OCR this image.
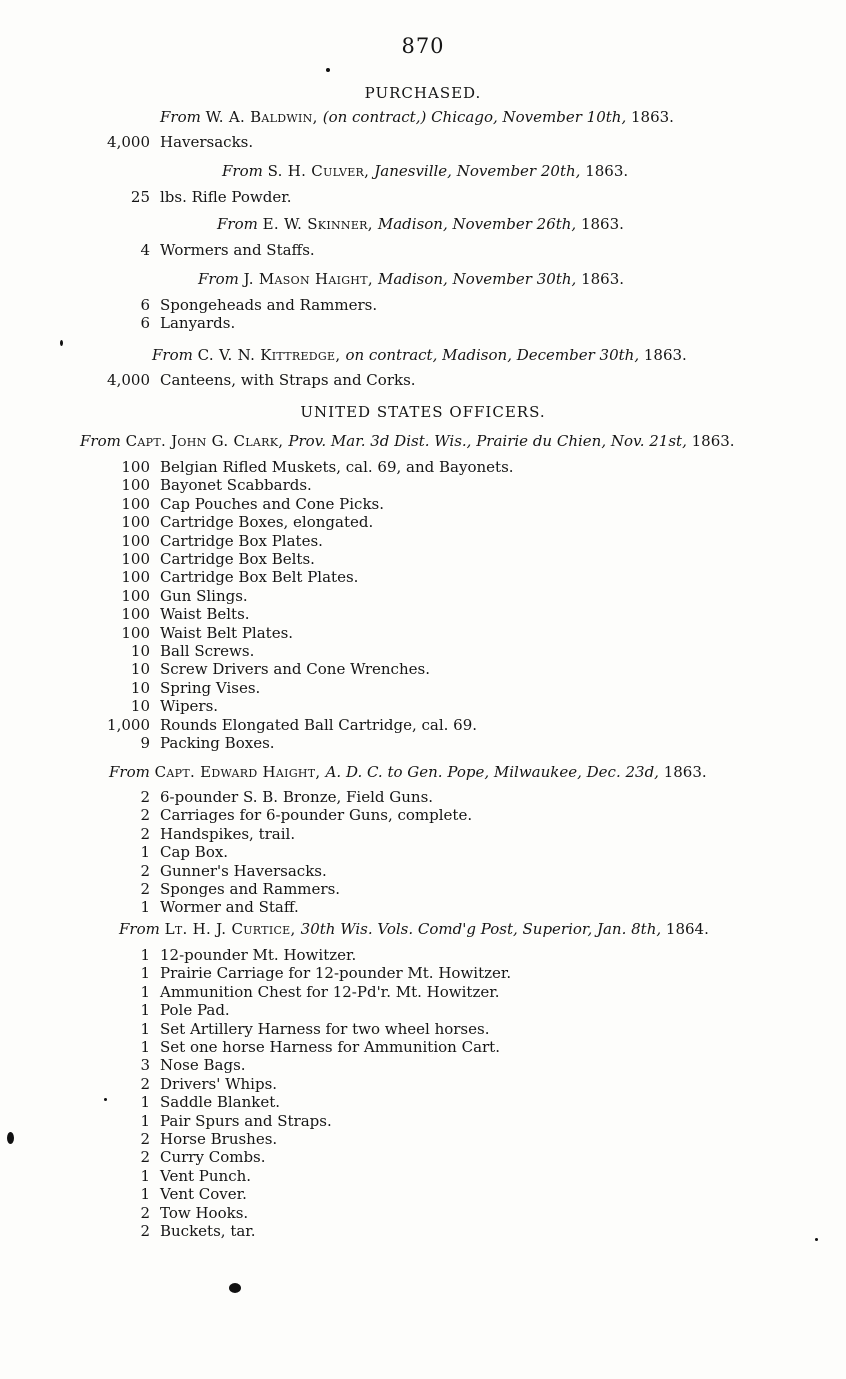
870
PURCHASED.
UNITED STATES OFFICERS.
From W. A. Baldwin, (on contract,) Chicago, November 10th, 1863.
From S. H. Culver, Janesville, November 20th, 1863.
From E. W. Skinner, Madison, November 26th, 1863.
From J. Mason Haight, Madison, November 30th, 1863.
From C. V. N. Kittredge, on contract, Madison, December 30th, 1863.
From Capt. John G. Clark, Prov. Mar. 3d Dist. Wis., Prairie du Chien, Nov. 21st, 1863.
From Capt. Edward Haight, A. D. C. to Gen. Pope, Milwaukee, Dec. 23d, 1863.
From Lt. H. J. Curtice, 30th Wis. Vols. Comd'g Post, Superior, Jan. 8th, 1864.
4,000 Haversacks.
25 lbs. Rifle Powder.
4 Wormers and Staffs.
6 Spongeheads and Rammers.
6 Lanyards.
4,000 Canteens, with Straps and Corks.
100 Belgian Rifled Muskets, cal. 69, and Bayonets.
100 Bayonet Scabbards.
100 Cap Pouches and Cone Picks.
100 Cartridge Boxes, elongated.
100 Cartridge Box Plates.
100 Cartridge Box Belts.
100 Cartridge Box Belt Plates.
100 Gun Slings.
100 Waist Belts.
100 Waist Belt Plates.
10 Ball Screws.
10 Screw Drivers and Cone Wrenches.
10 Spring Vises.
10 Wipers.
1,000 Rounds Elongated Ball Cartridge, cal. 69.
9 Packing Boxes.
2 6-pounder S. B. Bronze, Field Guns.
2 Carriages for 6-pounder Guns, complete.
2 Handspikes, trail.
1 Cap Box.
2 Gunner's Haversacks.
2 Sponges and Rammers.
1 Wormer and Staff.
1 12-pounder Mt. Howitzer.
1 Prairie Carriage for 12-pounder Mt. Howitzer.
1 Ammunition Chest for 12-Pd'r. Mt. Howitzer.
1 Pole Pad.
1 Set Artillery Harness for two wheel horses.
1 Set one horse Harness for Ammunition Cart.
3 Nose Bags.
2 Drivers' Whips.
1 Saddle Blanket.
1 Pair Spurs and Straps.
2 Horse Brushes.
2 Curry Combs.
1 Vent Punch.
1 Vent Cover.
2 Tow Hooks.
2 Buckets, tar.
